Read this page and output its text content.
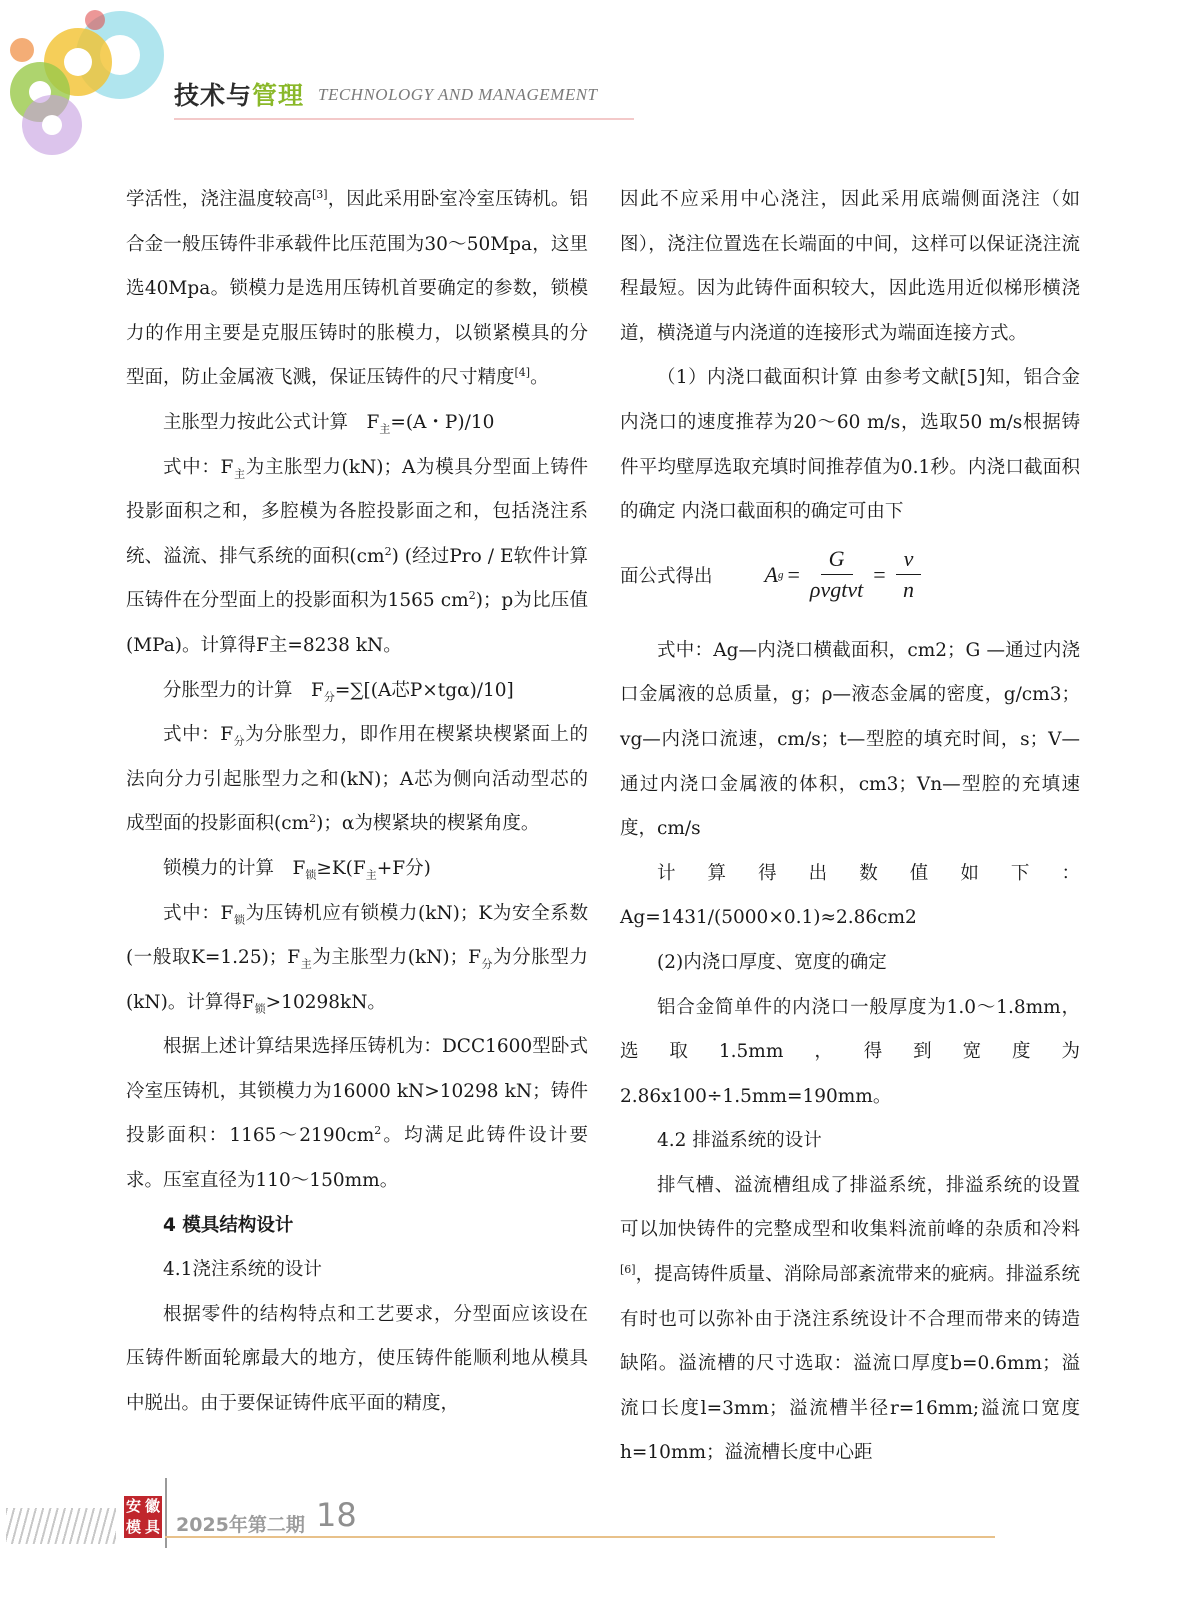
技术与管理 TECHNOLOGY AND MANAGEMENT

学活性，浇注温度较高[3]，因此采用卧室冷室压铸机。铝合金一般压铸件非承载件比压范围为30～50Mpa，这里选40Mpa。锁模力是选用压铸机首要确定的参数，锁模力的作用主要是克服压铸时的胀模力，以锁紧模具的分型面，防止金属液飞溅，保证压铸件的尺寸精度[4]。

主胀型力按此公式计算　$F_主=(A$・P)/10

式中：$F_主$为主胀型力(kN)；A为模具分型面上铸件投影面积之和，多腔模为各腔投影面之和，包括浇注系统、溢流、排气系统的面积$(cm^2)$ (经过Pro / E软件计算压铸件在分型面上的投影面积为1565 $cm^2$)；p为比压值(MPa)。计算得F主=8238 kN。

分胀型力的计算　$F_分=\sum[(A$芯P×tgα)/10]

式中：$F_分$为分胀型力，即作用在楔紧块楔紧面上的法向分力引起胀型力之和(kN)；A芯为侧向活动型芯的成型面的投影面积$(cm^2)$；α为楔紧块的楔紧角度。

锁模力的计算　$F_锁\ge K(F_主+F$分)

式中：$F_锁$为压铸机应有锁模力(kN)；K为安全系数(一般取K=1.25)；$F_主$为主胀型力(kN)；$F_分$为分胀型力(kN)。计算得$F_锁>10298kN$。

根据上述计算结果选择压铸机为：DCC1600型卧式冷室压铸机，其锁模力为16000 kN>10298 kN；铸件投影面积：$1165\sim 2190cm^2$。均满足此铸件设计要求。压室直径为110～150mm。

4 模具结构设计

4.1浇注系统的设计

根据零件的结构特点和工艺要求，分型面应该设在压铸件断面轮廓最大的地方，使压铸件能顺利地从模具中脱出。由于要保证铸件底平面的精度，

因此不应采用中心浇注，因此采用底端侧面浇注（如图），浇注位置选在长端面的中间，这样可以保证浇注流程最短。因为此铸件面积较大，因此选用近似梯形横浇道，横浇道与内浇道的连接形式为端面连接方式。

（1）内浇口截面积计算 由参考文献[5]知，铝合金内浇口的速度推荐为20～60 m/s，选取50 m/s根据铸件平均壁厚选取充填时间推荐值为0.1秒。内浇口截面积的确定 内浇口截面积的确定可由下

面公式得出 A $g = \frac{G}{\text{ρvgtvt}} = \frac{v}{n}$

式中：Ag—内浇口横截面积，cm2；G —通过内浇口金属液的总质量，g；ρ—液态金属的密度，g/cm3；vg—内浇口流速，cm/s；t—型腔的填充时间，s；V—通过内浇口金属液的体积，cm3；Vn—型腔的充填速度，cm/s

计算得出数值如下：Ag=1431/(5000×0.1)≈2.86cm2

(2)内浇口厚度、宽度的确定

铝合金简单件的内浇口一般厚度为1.0～1.8mm，选取1.5mm，得到宽度为2.86x100÷1.5mm=190mm。

4.2 排溢系统的设计

排气槽、溢流槽组成了排溢系统，排溢系统的设置可以加快铸件的完整成型和收集料流前峰的杂质和冷料[6]，提高铸件质量、消除局部紊流带来的疵病。排溢系统有时也可以弥补由于浇注系统设计不合理而带来的铸造缺陷。溢流槽的尺寸选取：溢流口厚度b=0.6mm；溢流口长度l=3mm；溢流槽半径r=16mm;溢流口宽度h=10mm；溢流槽长度中心距

安 徽
模 具 2025年第二期 18
